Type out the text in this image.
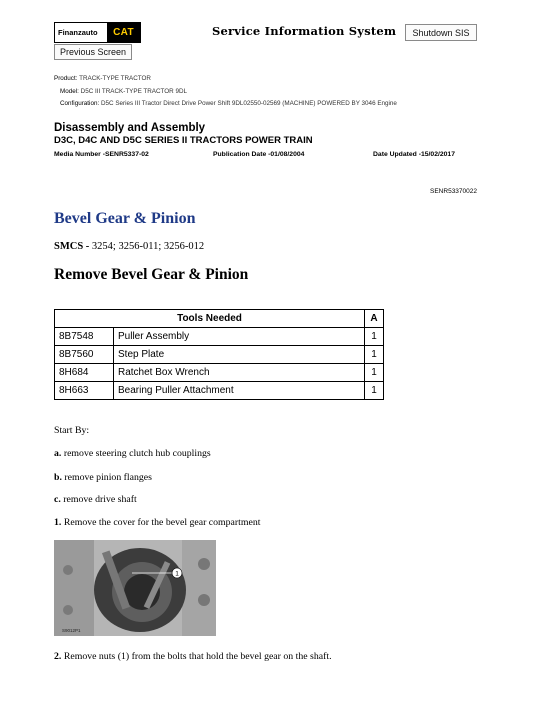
Finanzauto	CAT	Service Information System	Shutdown SIS
Previous Screen
Product: TRACK-TYPE TRACTOR
Model: D5C III TRACK-TYPE TRACTOR 9DL
Configuration: D5C Series III Tractor Direct Drive Power Shift 9DL02550-02569 (MACHINE) POWERED BY 3046 Engine
Disassembly and Assembly
D3C, D4C AND D5C SERIES II TRACTORS POWER TRAIN
Media Number -SENR5337-02	Publication Date -01/08/2004	Date Updated -15/02/2017
SENR53370022
Bevel Gear & Pinion
SMCS - 3254; 3256-011; 3256-012
Remove Bevel Gear & Pinion
Tools Needed		A
8B7548	Puller Assembly	1
8B7560	Step Plate	1
8H684	Ratchet Box Wrench	1
8H663	Bearing Puller Attachment	1
Start By:
a. remove steering clutch hub couplings
b. remove pinion flanges
c. remove drive shaft
1. Remove the cover for the bevel gear compartment
1
S9012P1
2. Remove nuts (1) from the bolts that hold the bevel gear on the shaft.
